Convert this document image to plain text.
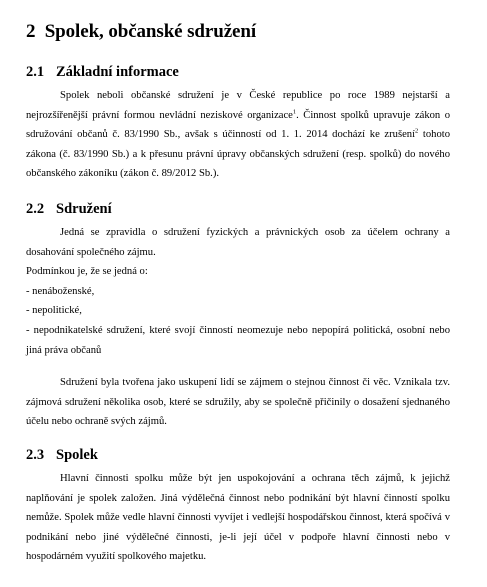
2 Spolek, občanské sdružení
2.1 Základní informace

Spolek neboli občanské sdružení je v České republice po roce 1989 nejstarší a nejrozšířenější právní formou nevládní neziskové organizace$^1$. Činnost spolků upravuje zákon o sdružování občanů č. 83/1990 Sb., avšak s účinností od 1. 1. 2014 dochází ke zrušení$^2$ tohoto zákona (č. 83/1990 Sb.) a k přesunu právní úpravy občanských sdružení (resp. spolků) do nového občanského zákoníku (zákon č. 89/2012 Sb.).

2.2 Sdružení

Jedná se zpravidla o sdružení fyzických a právnických osob za účelem ochrany a dosahování společného zájmu.

Podmínkou je, že se jedná o:

- nenáboženské,

- nepolitické,

- nepodnikatelské sdružení, které svojí činností neomezuje nebo nepopírá politická, osobní nebo jiná práva občanů

Sdružení byla tvořena jako uskupení lidí se zájmem o stejnou činnost či věc. Vznikala tzv. zájmová sdružení několika osob, které se sdružily, aby se společně přičinily o dosažení sjednaného účelu nebo ochraně svých zájmů.

2.3 Spolek

Hlavní činnosti spolku může být jen uspokojování a ochrana těch zájmů, k jejichž naplňování je spolek založen. Jiná výdělečná činnost nebo podnikání být hlavní činností spolku nemůže. Spolek může vedle hlavní činnosti vyvíjet i vedlejší hospodářskou činnost, která spočívá v podnikání nebo jiné výdělečné činnosti, je-li její účel v podpoře hlavní činnosti nebo v hospodárném využití spolkového majetku.
